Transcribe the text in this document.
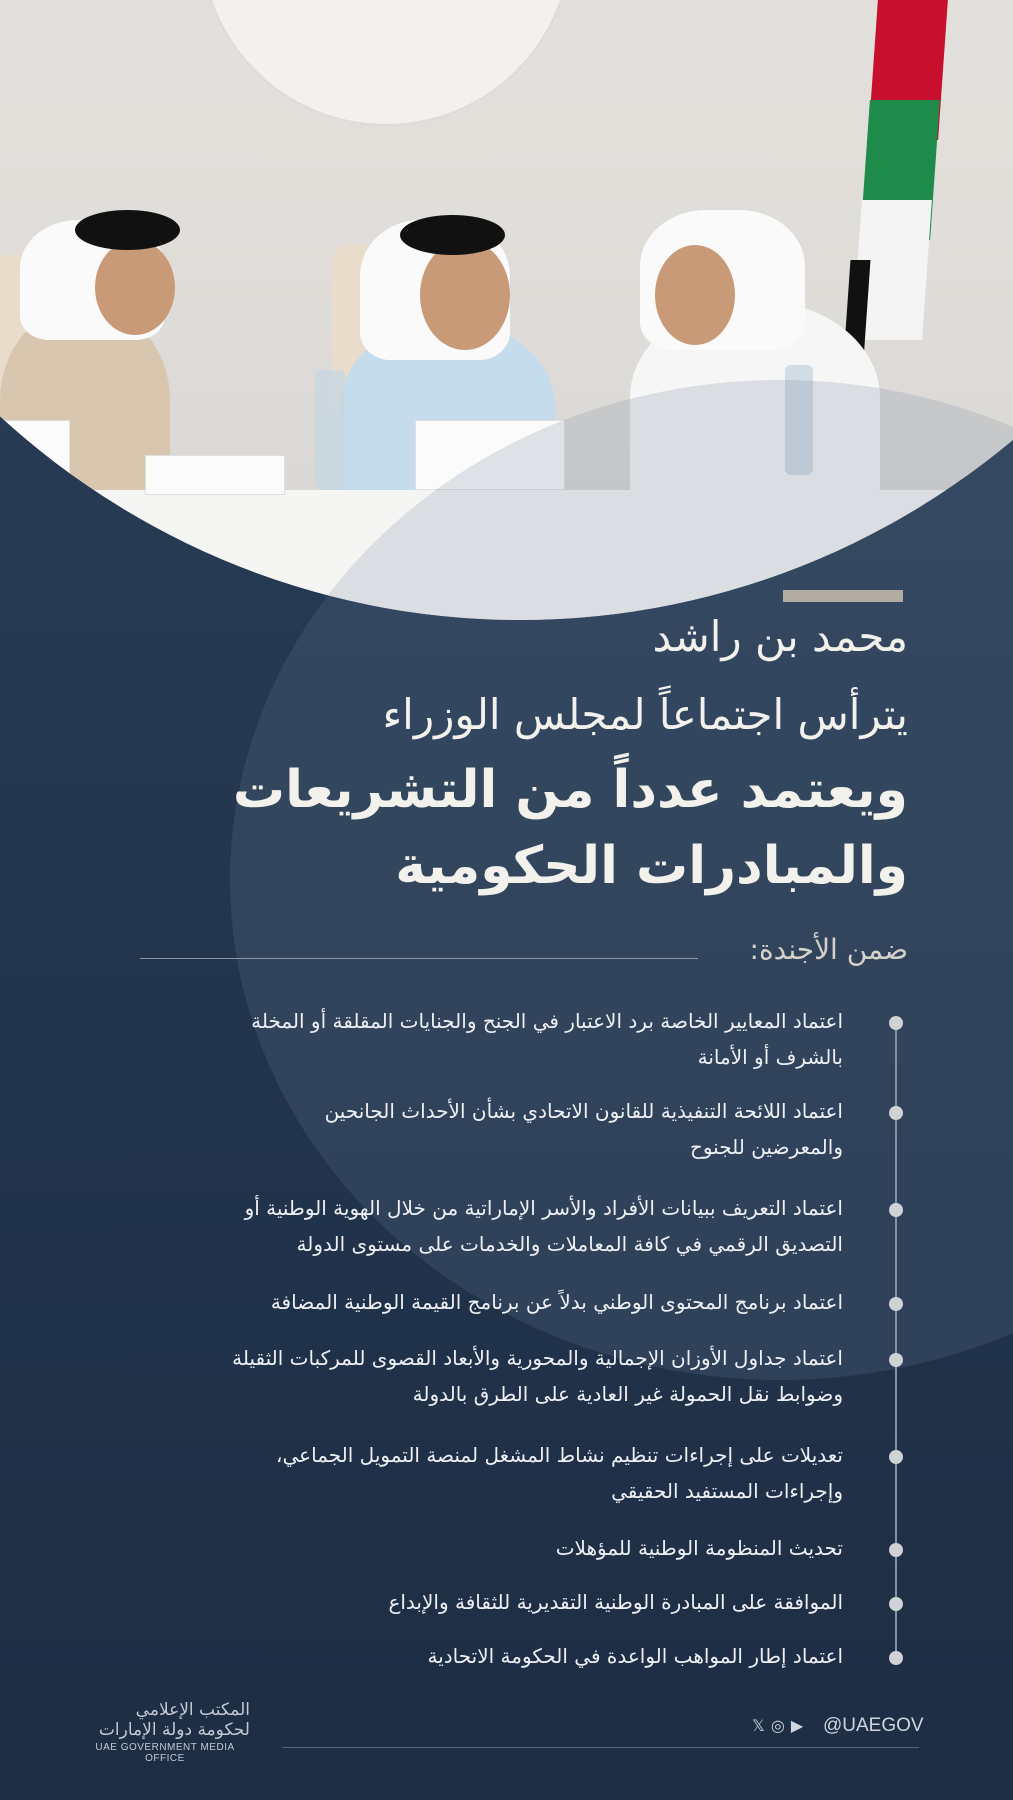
محمد بن راشد
يترأس اجتماعاً لمجلس الوزراء
ويعتمد عدداً من التشريعات
والمبادرات الحكومية
ضمن الأجندة:
اعتماد المعايير الخاصة برد الاعتبار في الجنح والجنايات المقلقة أو المخلة
بالشرف أو الأمانة
اعتماد اللائحة التنفيذية للقانون الاتحادي بشأن الأحداث الجانحين
والمعرضين للجنوح
اعتماد التعريف ببيانات الأفراد والأسر الإماراتية من خلال الهوية الوطنية أو
التصديق الرقمي في كافة المعاملات والخدمات على مستوى الدولة
اعتماد برنامج المحتوى الوطني بدلاً عن برنامج القيمة الوطنية المضافة
اعتماد جداول الأوزان الإجمالية والمحورية والأبعاد القصوى للمركبات الثقيلة
وضوابط نقل الحمولة غير العادية على الطرق بالدولة
تعديلات على إجراءات تنظيم نشاط المشغل لمنصة التمويل الجماعي،
وإجراءات المستفيد الحقيقي
تحديث المنظومة الوطنية للمؤهلات
الموافقة على المبادرة الوطنية التقديرية للثقافة والإبداع
اعتماد إطار المواهب الواعدة في الحكومة الاتحادية
المكتب الإعلامي
لحكومة دولة الإمارات
UAE GOVERNMENT MEDIA OFFICE
𝕏 ◎ ▶	@UAEGOV
